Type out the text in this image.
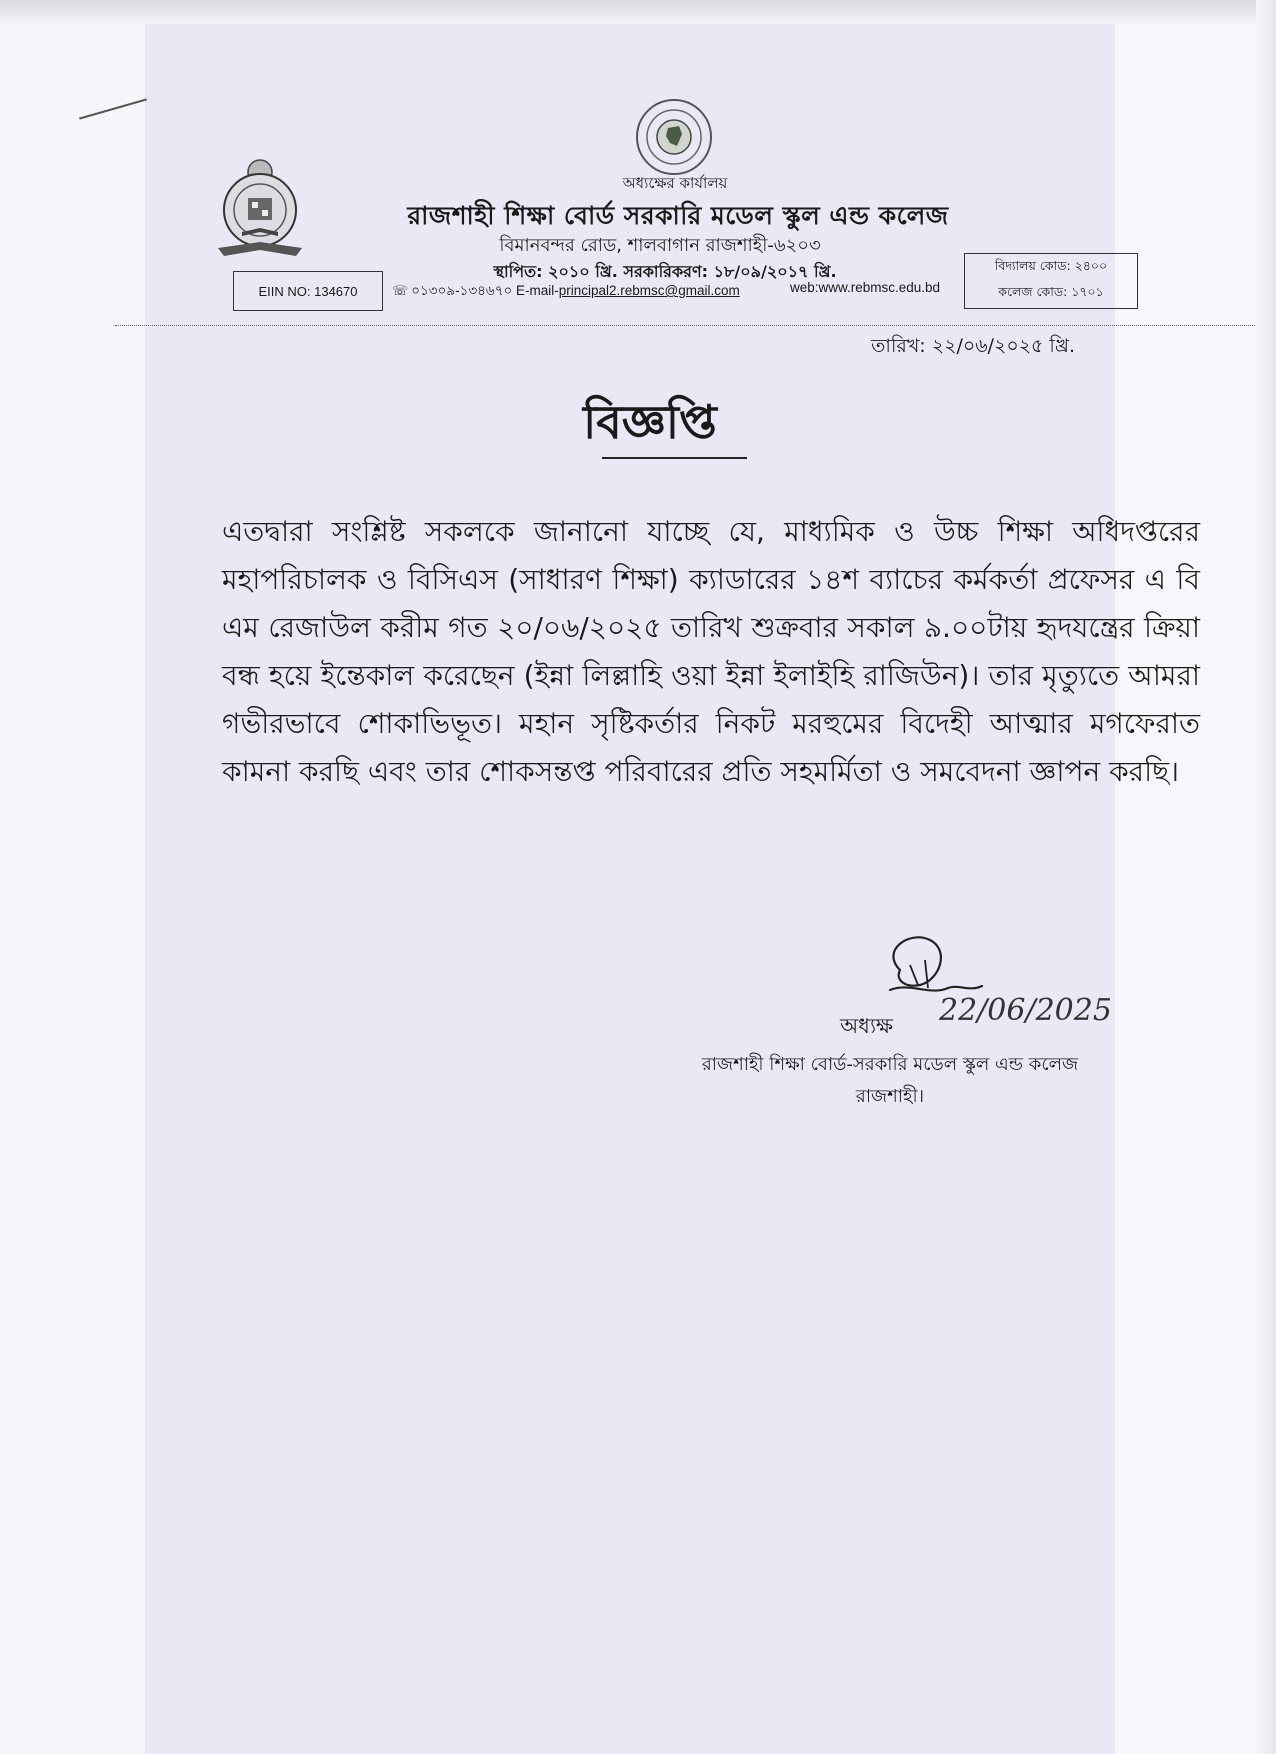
অধ্যক্ষের কার্যালয়
রাজশাহী শিক্ষা বোর্ড সরকারি মডেল স্কুল এন্ড কলেজ
বিমানবন্দর রোড, শালবাগান রাজশাহী-৬২০৩
স্থাপিত: ২০১০ খ্রি. সরকারিকরণ: ১৮/০৯/২০১৭ খ্রি.
EIIN NO: 134670	☏ ০১৩০৯-১৩৪৬৭০ E-mail-principal2.rebmsc@gmail.com	web:www.rebmsc.edu.bd
বিদ্যালয় কোড: ২৪০০
কলেজ কোড: ১৭০১
তারিখ: ২২/০৬/২০২৫ খ্রি.
বিজ্ঞপ্তি
এতদ্বারা সংশ্লিষ্ট সকলকে জানানো যাচ্ছে যে, মাধ্যমিক ও উচ্চ শিক্ষা অধিদপ্তরের মহাপরিচালক ও বিসিএস (সাধারণ শিক্ষা) ক্যাডারের ১৪শ ব্যাচের কর্মকর্তা প্রফেসর এ বি এম রেজাউল করীম গত ২০/০৬/২০২৫ তারিখ শুক্রবার সকাল ৯.০০টায় হৃদযন্ত্রের ক্রিয়া বন্ধ হয়ে ইন্তেকাল করেছেন (ইন্না লিল্লাহি ওয়া ইন্না ইলাইহি রাজিউন)। তার মৃত্যুতে আমরা গভীরভাবে শোকাভিভূত। মহান সৃষ্টিকর্তার নিকট মরহুমের বিদেহী আত্মার মগফেরাত কামনা করছি এবং তার শোকসন্তপ্ত পরিবারের প্রতি সহমর্মিতা ও সমবেদনা জ্ঞাপন করছি।
22/06/2025
অধ্যক্ষ
রাজশাহী শিক্ষা বোর্ড-সরকারি মডেল স্কুল এন্ড কলেজ
রাজশাহী।
